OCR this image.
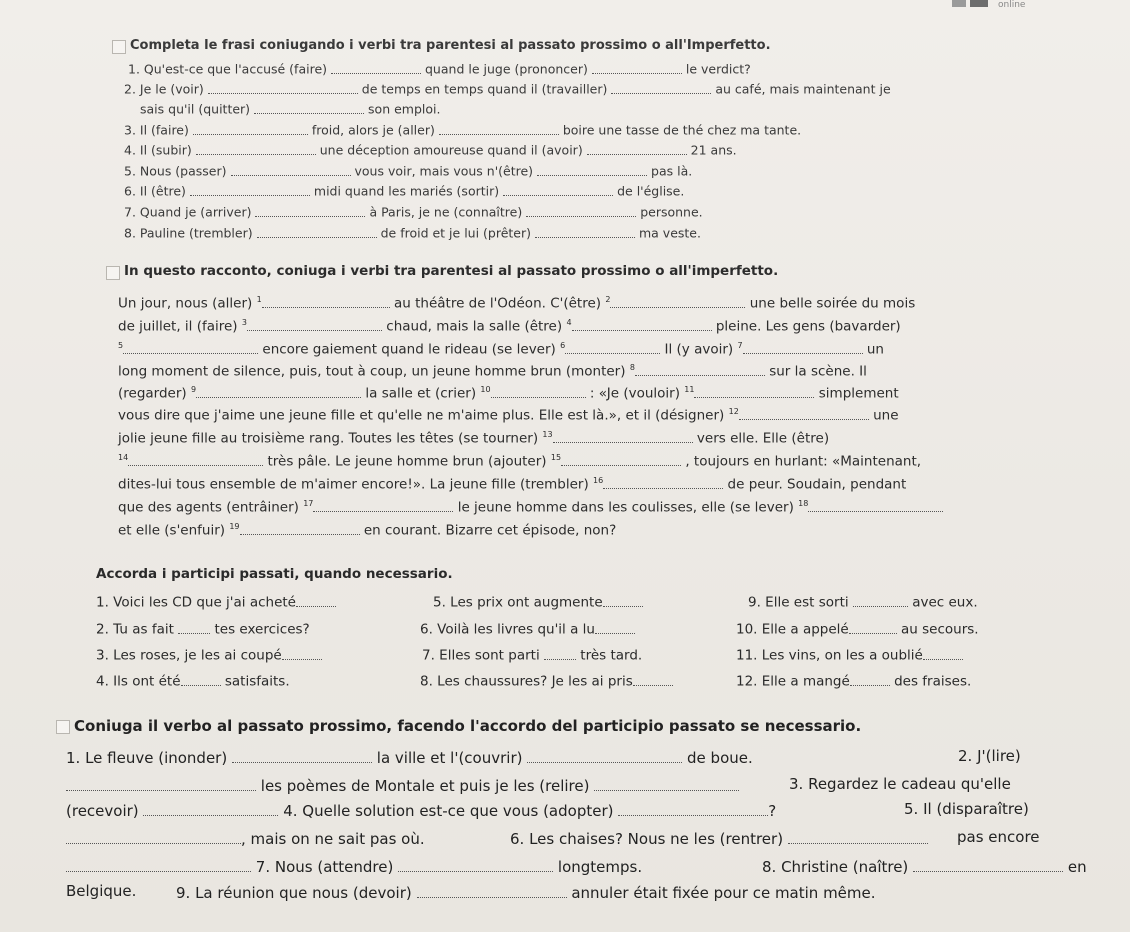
online
Completa le frasi coniugando i verbi tra parentesi al passato prossimo o all'Imperfetto.
1. Qu'est-ce que l'accusé (faire)	quand le juge (prononcer)	le verdict?
2. Je le (voir)	de temps en temps quand il (travailler)	au café, mais maintenant je
sais qu'il (quitter)	son emploi.
3. Il (faire)	froid, alors je (aller)	boire une tasse de thé chez ma tante.
4. Il (subir)	une déception amoureuse quand il (avoir)	21 ans.
5. Nous (passer)	vous voir, mais vous n'(être)	pas là.
6. Il (être)	midi quand les mariés (sortir)	de l'église.
7. Quand je (arriver)	à Paris, je ne (connaître)	personne.
8. Pauline (trembler)	de froid et je lui (prêter)	ma veste.
In questo racconto, coniuga i verbi tra parentesi al passato prossimo o all'imperfetto.
Un jour, nous (aller) $^1$	au théâtre de l'Odéon. C'(être) $^2$	une belle soirée du mois
de juillet, il (faire) $^3$	chaud, mais la salle (être) $^4$	pleine. Les gens (bavarder)
$^5$	encore gaiement quand le rideau (se lever) $^6$	Il (y avoir) $^7$	un
long moment de silence, puis, tout à coup, un jeune homme brun (monter) $^8$	sur la scène. Il
(regarder) $^9$	la salle et (crier) $^{10}$	: «Je (vouloir) $^{11}$	simplement
vous dire que j'aime une jeune fille et qu'elle ne m'aime plus. Elle est là.», et il (désigner) $^{12}$	une
jolie jeune fille au troisième rang. Toutes les têtes (se tourner) $^{13}$	vers elle. Elle (être)
$^{14}$	très pâle. Le jeune homme brun (ajouter) $^{15}$	, toujours en hurlant: «Maintenant,
dites-lui tous ensemble de m'aimer encore!». La jeune fille (trembler) $^{16}$	de peur. Soudain, pendant
que des agents (entrâiner) $^{17}$	le jeune homme dans les coulisses, elle (se lever) $^{18}$
et elle (s'enfuir) $^{19}$	en courant. Bizarre cet épisode, non?
Accorda i participi passati, quando necessario.
1. Voici les CD que j'ai acheté	5. Les prix ont augmente	9. Elle est sorti	avec eux.
2. Tu as fait	tes exercices?	6. Voilà les livres qu'il a lu	10. Elle a appelé	au secours.
3. Les roses, je les ai coupé	7. Elles sont parti	très tard.	11. Les vins, on les a oublié
4. Ils ont été	satisfaits.	8. Les chaussures? Je les ai pris	12. Elle a mangé	des fraises.
Coniuga il verbo al passato prossimo, facendo l'accordo del participio passato se necessario.
1. Le fleuve (inonder)	la ville et l'(couvrir)	de boue.	2. J'(lire)
les poèmes de Montale et puis je les (relire)	3. Regardez le cadeau qu'elle
(recevoir)	4. Quelle solution est-ce que vous (adopter)	?	5. Il (disparaître)
, mais on ne sait pas où.	6. Les chaises? Nous ne les (rentrer)	pas encore
7. Nous (attendre)	longtemps.	8. Christine (naître)	en
Belgique.	9. La réunion que nous (devoir)	annuler était fixée pour ce matin même.
